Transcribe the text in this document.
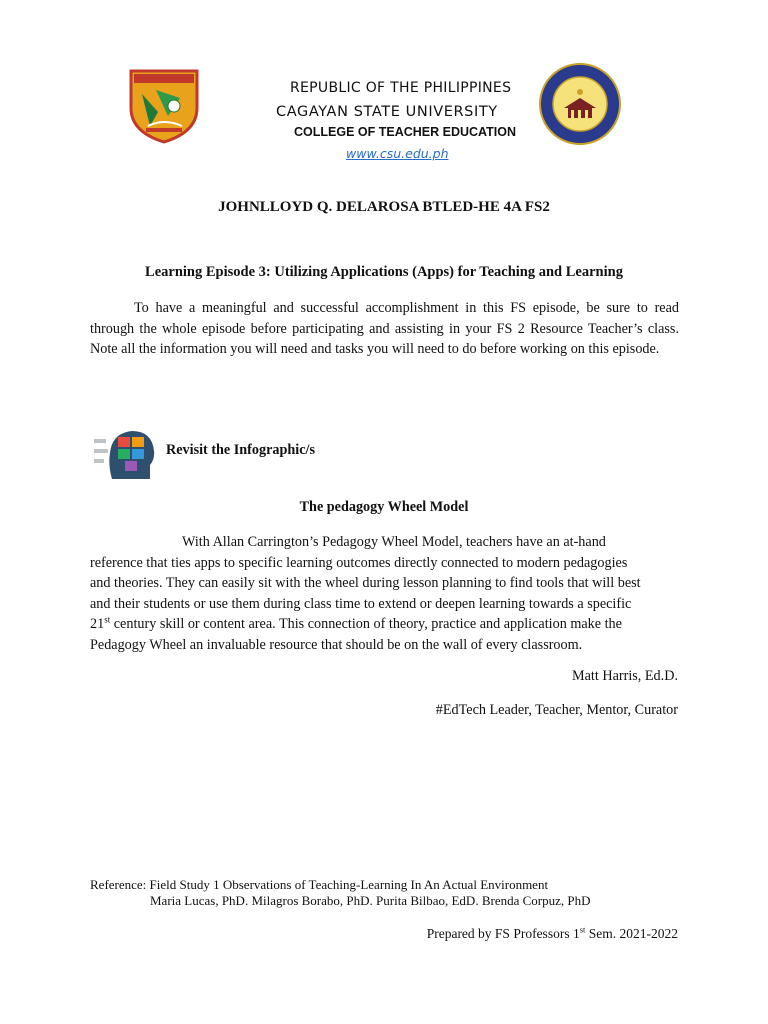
REPUBLIC OF THE PHILIPPINES
CAGAYAN STATE UNIVERSITY
COLLEGE OF TEACHER EDUCATION
www.csu.edu.ph
JOHNLLOYD Q. DELAROSA BTLED-HE 4A FS2
Learning Episode 3: Utilizing Applications (Apps) for Teaching and Learning

To have a meaningful and successful accomplishment in this FS episode, be sure to read through the whole episode before participating and assisting in your FS 2 Resource Teacher’s class. Note all the information you will need and tasks you will need to do before working on this episode.

Revisit the Infographic/s
The pedagogy Wheel Model
With Allan Carrington’s Pedagogy Wheel Model, teachers have an at-hand
reference that ties apps to specific learning outcomes directly connected to modern pedagogies
and theories. They can easily sit with the wheel during lesson planning to find tools that will best
and their students or use them during class time to extend or deepen learning towards a specific
21st century skill or content area. This connection of theory, practice and application make the
Pedagogy Wheel an invaluable resource that should be on the wall of every classroom.
Matt Harris, Ed.D.
#EdTech Leader, Teacher, Mentor, Curator
Reference: Field Study 1 Observations of Teaching-Learning In An Actual Environment
Maria Lucas, PhD. Milagros Borabo, PhD. Purita Bilbao, EdD. Brenda Corpuz, PhD
Prepared by FS Professors 1st Sem. 2021-2022
